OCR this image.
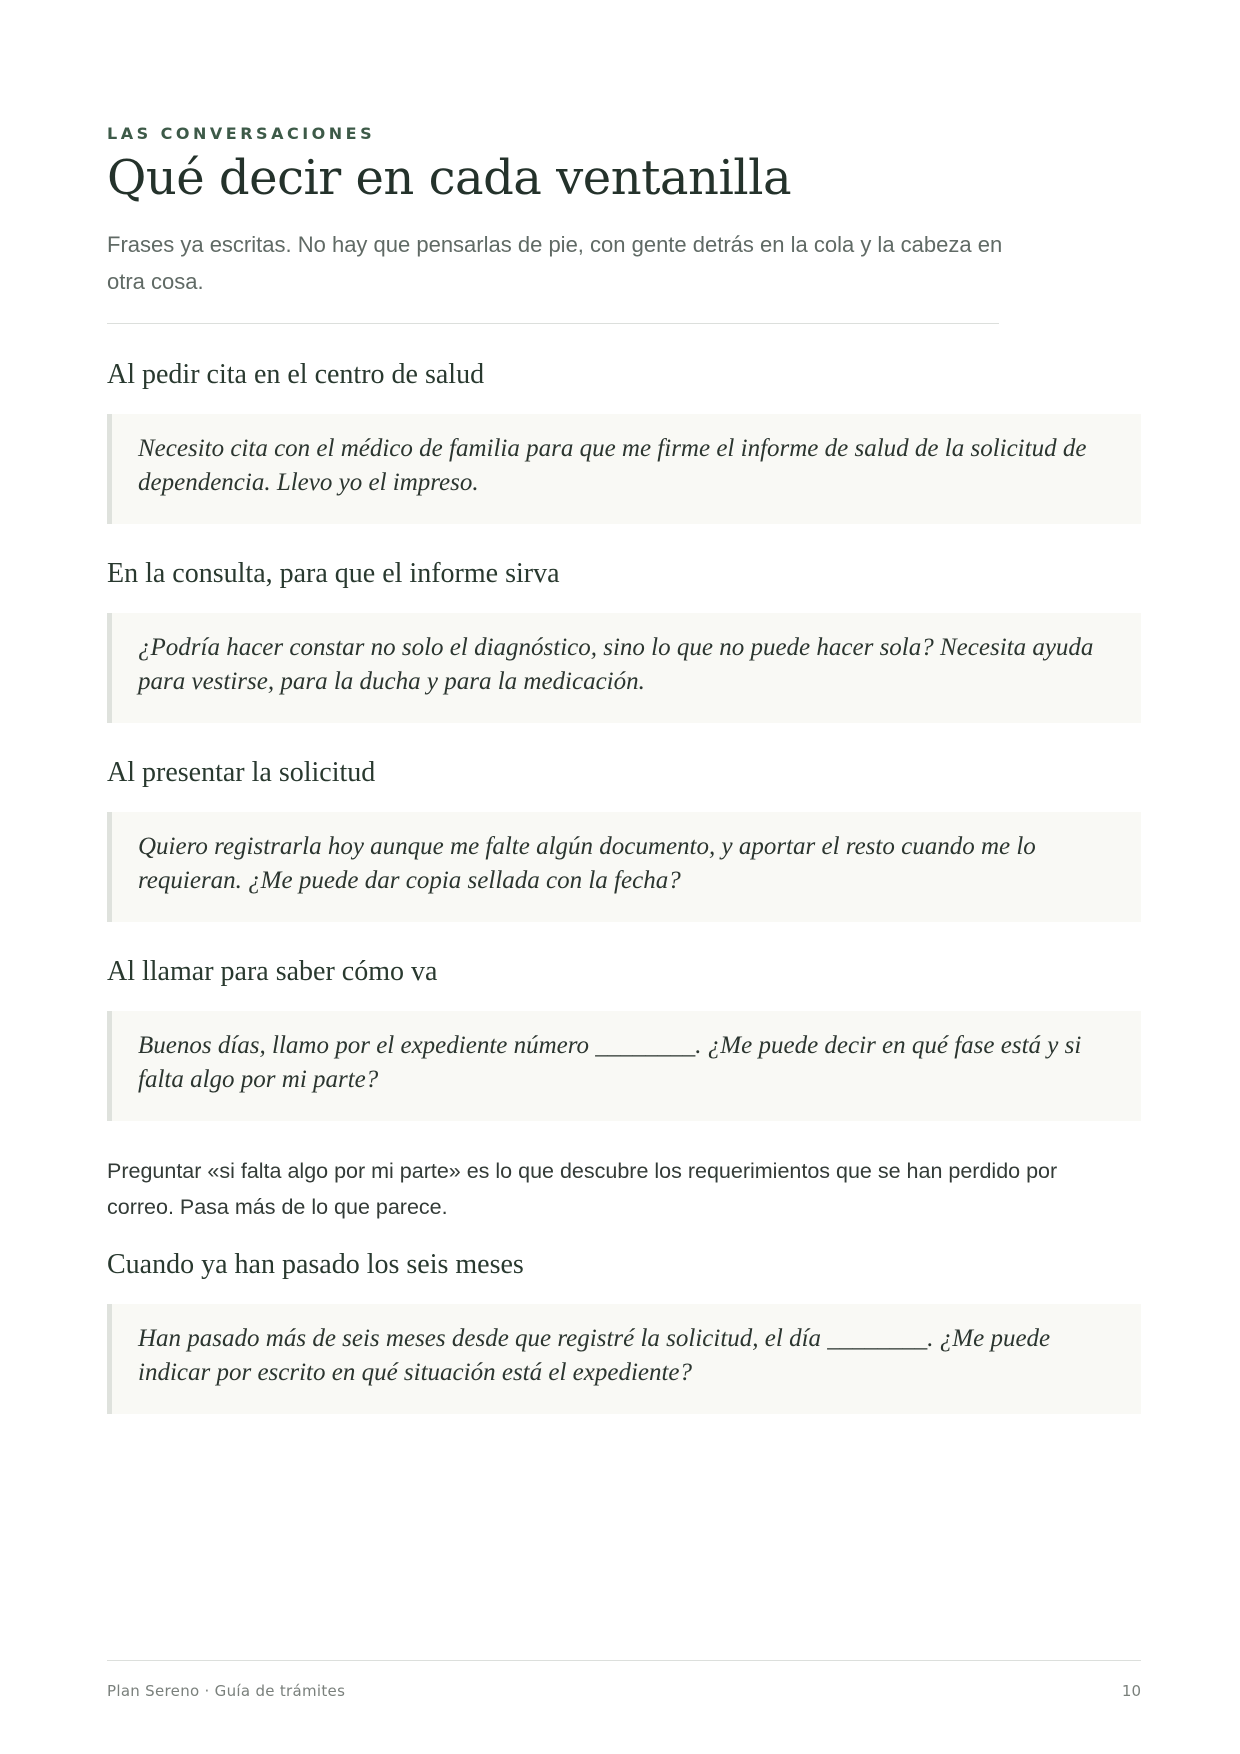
LAS CONVERSACIONES
Qué decir en cada ventanilla

Frases ya escritas. No hay que pensarlas de pie, con gente detrás en la cola y la cabeza en otra cosa.

Al pedir cita en el centro de salud

Necesito cita con el médico de familia para que me firme el informe de salud de la solicitud de dependencia. Llevo yo el impreso.

En la consulta, para que el informe sirva

¿Podría hacer constar no solo el diagnóstico, sino lo que no puede hacer sola? Necesita ayuda para vestirse, para la ducha y para la medicación.

Al presentar la solicitud

Quiero registrarla hoy aunque me falte algún documento, y aportar el resto cuando me lo requieran. ¿Me puede dar copia sellada con la fecha?

Al llamar para saber cómo va

Buenos días, llamo por el expediente número ________. ¿Me puede decir en qué fase está y si falta algo por mi parte?

Preguntar «si falta algo por mi parte» es lo que descubre los requerimientos que se han perdido por correo. Pasa más de lo que parece.

Cuando ya han pasado los seis meses

Han pasado más de seis meses desde que registré la solicitud, el día ________. ¿Me puede indicar por escrito en qué situación está el expediente?

Plan Sereno · Guía de trámites	10
